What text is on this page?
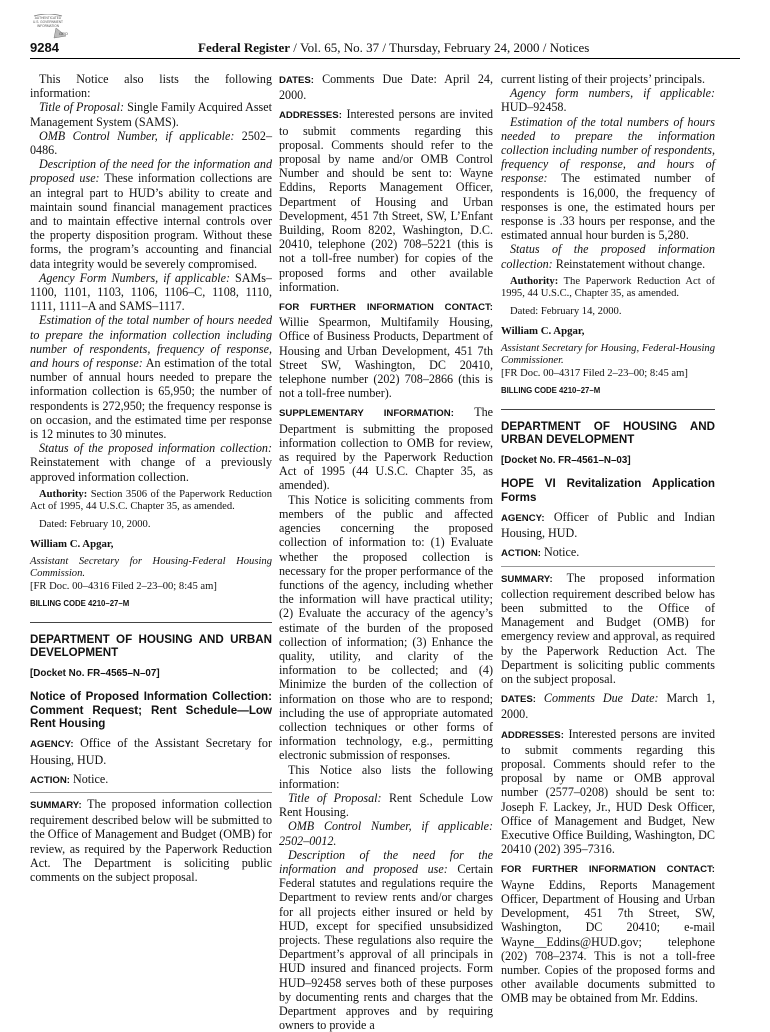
AUTHENTICATED
U.S. GOVERNMENT
INFORMATION
GPO
9284	Federal Register / Vol. 65, No. 37 / Thursday, February 24, 2000 / Notices

This Notice also lists the following information:

Title of Proposal: Single Family Acquired Asset Management System (SAMS).

OMB Control Number, if applicable: 2502–0486.

Description of the need for the information and proposed use: These information collections are an integral part to HUD’s ability to create and maintain sound financial management practices and to maintain effective internal controls over the property disposition program. Without these forms, the program’s accounting and financial data integrity would be severely compromised.

Agency Form Numbers, if applicable: SAMs–1100, 1101, 1103, 1106, 1106–C, 1108, 1110, 1111, 1111–A and SAMS–1117.

Estimation of the total number of hours needed to prepare the information collection including number of respondents, frequency of response, and hours of response: An estimation of the total number of annual hours needed to prepare the information collection is 65,950; the number of respondents is 272,950; the frequency response is on occasion, and the estimated time per response is 12 minutes to 30 minutes.

Status of the proposed information collection: Reinstatement with change of a previously approved information collection.

Authority: Section 3506 of the Paperwork Reduction Act of 1995, 44 U.S.C. Chapter 35, as amended.

Dated: February 10, 2000.

William C. Apgar,

Assistant Secretary for Housing-Federal Housing Commission.

[FR Doc. 00–4316 Filed 2–23–00; 8:45 am]

BILLING CODE 4210–27–M

DEPARTMENT OF HOUSING AND URBAN DEVELOPMENT

[Docket No. FR–4565–N–07]

Notice of Proposed Information Collection: Comment Request; Rent Schedule—Low Rent Housing

AGENCY: Office of the Assistant Secretary for Housing, HUD.

ACTION: Notice.

SUMMARY: The proposed information collection requirement described below will be submitted to the Office of Management and Budget (OMB) for review, as required by the Paperwork Reduction Act. The Department is soliciting public comments on the subject proposal.

DATES: Comments Due Date: April 24, 2000.

ADDRESSES: Interested persons are invited to submit comments regarding this proposal. Comments should refer to the proposal by name and/or OMB Control Number and should be sent to: Wayne Eddins, Reports Management Officer, Department of Housing and Urban Development, 451 7th Street, SW, L’Enfant Building, Room 8202, Washington, D.C. 20410, telephone (202) 708–5221 (this is not a toll-free number) for copies of the proposed forms and other available information.

FOR FURTHER INFORMATION CONTACT: Willie Spearmon, Multifamily Housing, Office of Business Products, Department of Housing and Urban Development, 451 7th Street SW, Washington, DC 20410, telephone number (202) 708–2866 (this is not a toll-free number).

SUPPLEMENTARY INFORMATION: The Department is submitting the proposed information collection to OMB for review, as required by the Paperwork Reduction Act of 1995 (44 U.S.C. Chapter 35, as amended).

This Notice is soliciting comments from members of the public and affected agencies concerning the proposed collection of information to: (1) Evaluate whether the proposed collection is necessary for the proper performance of the functions of the agency, including whether the information will have practical utility; (2) Evaluate the accuracy of the agency’s estimate of the burden of the proposed collection of information; (3) Enhance the quality, utility, and clarity of the information to be collected; and (4) Minimize the burden of the collection of information on those who are to respond; including the use of appropriate automated collection techniques or other forms of information technology, e.g., permitting electronic submission of responses.

This Notice also lists the following information:

Title of Proposal: Rent Schedule Low Rent Housing.

OMB Control Number, if applicable: 2502–0012.

Description of the need for the information and proposed use: Certain Federal statutes and regulations require the Department to review rents and/or charges for all projects either insured or held by HUD, except for specified unsubsidized projects. These regulations also require the Department’s approval of all principals in HUD insured and financed projects. Form HUD–92458 serves both of these purposes by documenting rents and charges that the Department approves and by requiring owners to provide a

current listing of their projects’ principals.

Agency form numbers, if applicable: HUD–92458.

Estimation of the total numbers of hours needed to prepare the information collection including number of respondents, frequency of response, and hours of response: The estimated number of respondents is 16,000, the frequency of responses is one, the estimated hours per response is .33 hours per response, and the estimated annual hour burden is 5,280.

Status of the proposed information collection: Reinstatement without change.

Authority: The Paperwork Reduction Act of 1995, 44 U.S.C., Chapter 35, as amended.

Dated: February 14, 2000.

William C. Apgar,

Assistant Secretary for Housing, Federal-Housing Commissioner.

[FR Doc. 00–4317 Filed 2–23–00; 8:45 am]

BILLING CODE 4210–27–M

DEPARTMENT OF HOUSING AND URBAN DEVELOPMENT

[Docket No. FR–4561–N–03]

HOPE VI Revitalization Application Forms

AGENCY: Officer of Public and Indian Housing, HUD.

ACTION: Notice.

SUMMARY: The proposed information collection requirement described below has been submitted to the Office of Management and Budget (OMB) for emergency review and approval, as required by the Paperwork Reduction Act. The Department is soliciting public comments on the subject proposal.

DATES: Comments Due Date: March 1, 2000.

ADDRESSES: Interested persons are invited to submit comments regarding this proposal. Comments should refer to the proposal by name or OMB approval number (2577–0208) should be sent to: Joseph F. Lackey, Jr., HUD Desk Officer, Office of Management and Budget, New Executive Office Building, Washington, DC 20410 (202) 395–7316.

FOR FURTHER INFORMATION CONTACT: Wayne Eddins, Reports Management Officer, Department of Housing and Urban Development, 451 7th Street, SW, Washington, DC 20410; e-mail Wayne__Eddins@HUD.gov; telephone (202) 708–2374. This is not a toll-free number. Copies of the proposed forms and other available documents submitted to OMB may be obtained from Mr. Eddins.
